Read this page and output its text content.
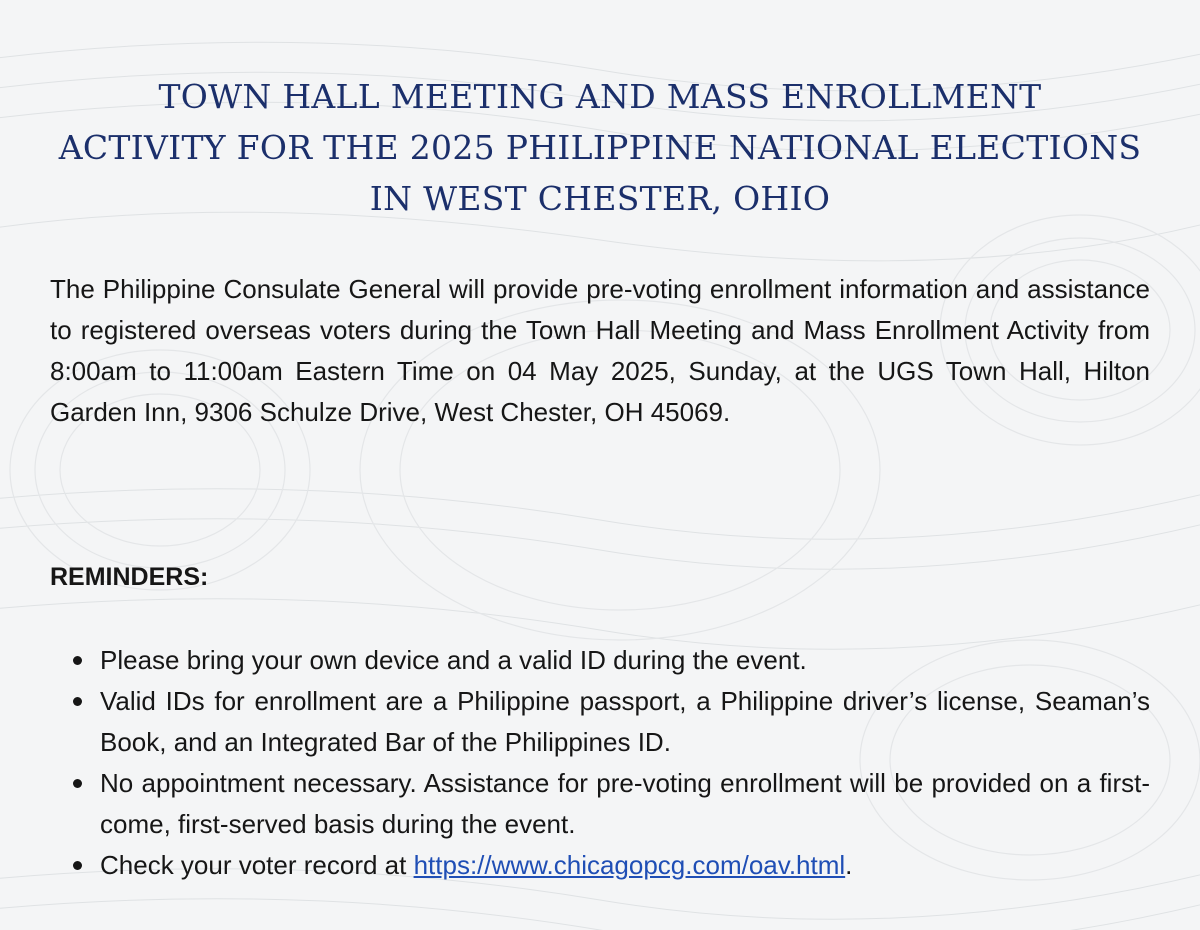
TOWN HALL MEETING AND MASS ENROLLMENT
ACTIVITY FOR THE 2025 PHILIPPINE NATIONAL ELECTIONS
IN WEST CHESTER, OHIO

The Philippine Consulate General will provide pre-voting enrollment information and assistance to registered overseas voters during the Town Hall Meeting and Mass Enrollment Activity from 8:00am to 11:00am Eastern Time on 04 May 2025, Sunday, at the UGS Town Hall, Hilton Garden Inn, 9306 Schulze Drive, West Chester, OH 45069.

REMINDERS:
Please bring your own device and a valid ID during the event.
Valid IDs for enrollment are a Philippine passport, a Philippine driver’s license, Seaman’s Book, and an Integrated Bar of the Philippines ID.
No appointment necessary. Assistance for pre-voting enrollment will be provided on a first-come, first-served basis during the event.
Check your voter record at https://www.chicagopcg.com/oav.html.
